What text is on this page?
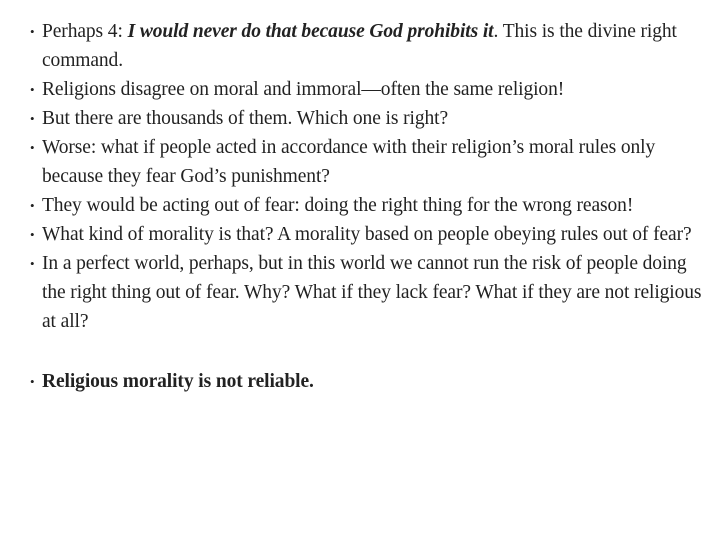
• Perhaps 4: I would never do that because God prohibits it. This is the divine right command.
• Religions disagree on moral and immoral—often the same religion!
• But there are thousands of them. Which one is right?
• Worse: what if people acted in accordance with their religion’s moral rules only because they fear God’s punishment?
• They would be acting out of fear: doing the right thing for the wrong reason!
• What kind of morality is that? A morality based on people obeying rules out of fear?
• In a perfect world, perhaps, but in this world we cannot run the risk of people doing the right thing out of fear. Why? What if they lack fear? What if they are not religious at all?
• Religious morality is not reliable.
